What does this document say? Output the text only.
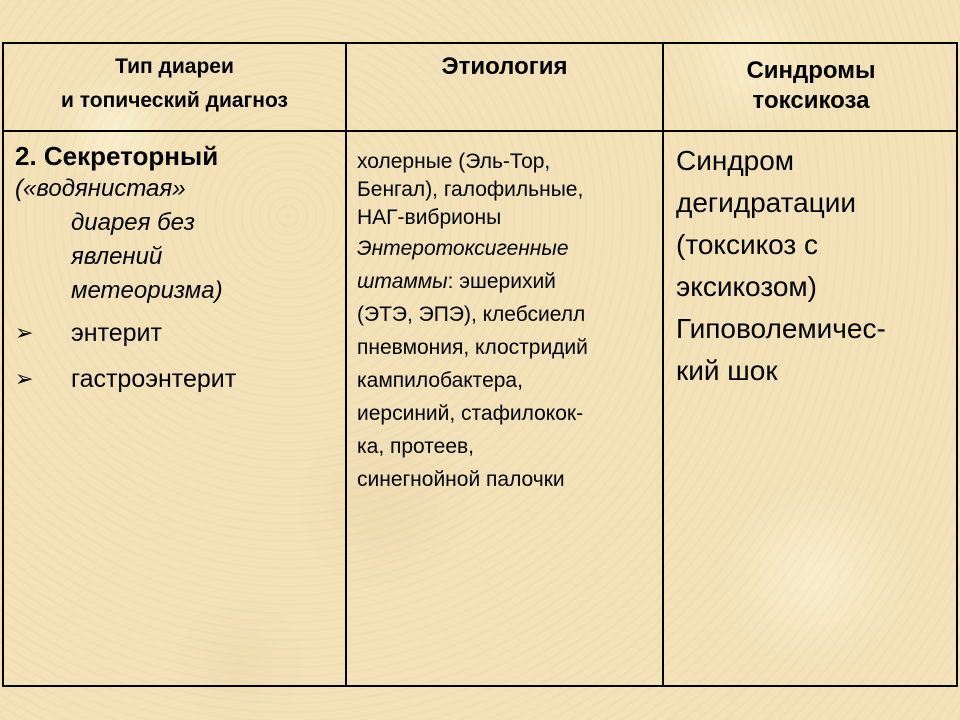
Тип диареи
и топический диагноз
Этиология	Синдромы
токсикоза

2. Секреторный

(«водянистая»
диарея без
явлений
метеоризма)

➢ энтерит
➢ гастроэнтерит
холерные (Эль-Тор,
Бенгал), галофильные,
НАГ-вибрионы
Энтеротоксигенные
штаммы: эшерихий
(ЭТЭ, ЭПЭ), клебсиелл
пневмония, клостридий
кампилобактера,
иерсиний, стафилокок-
ка, протеев,
синегнойной палочки
Синдром
дегидратации
(токсикоз с
эксикозом)
Гиповолемичес-
кий шок
